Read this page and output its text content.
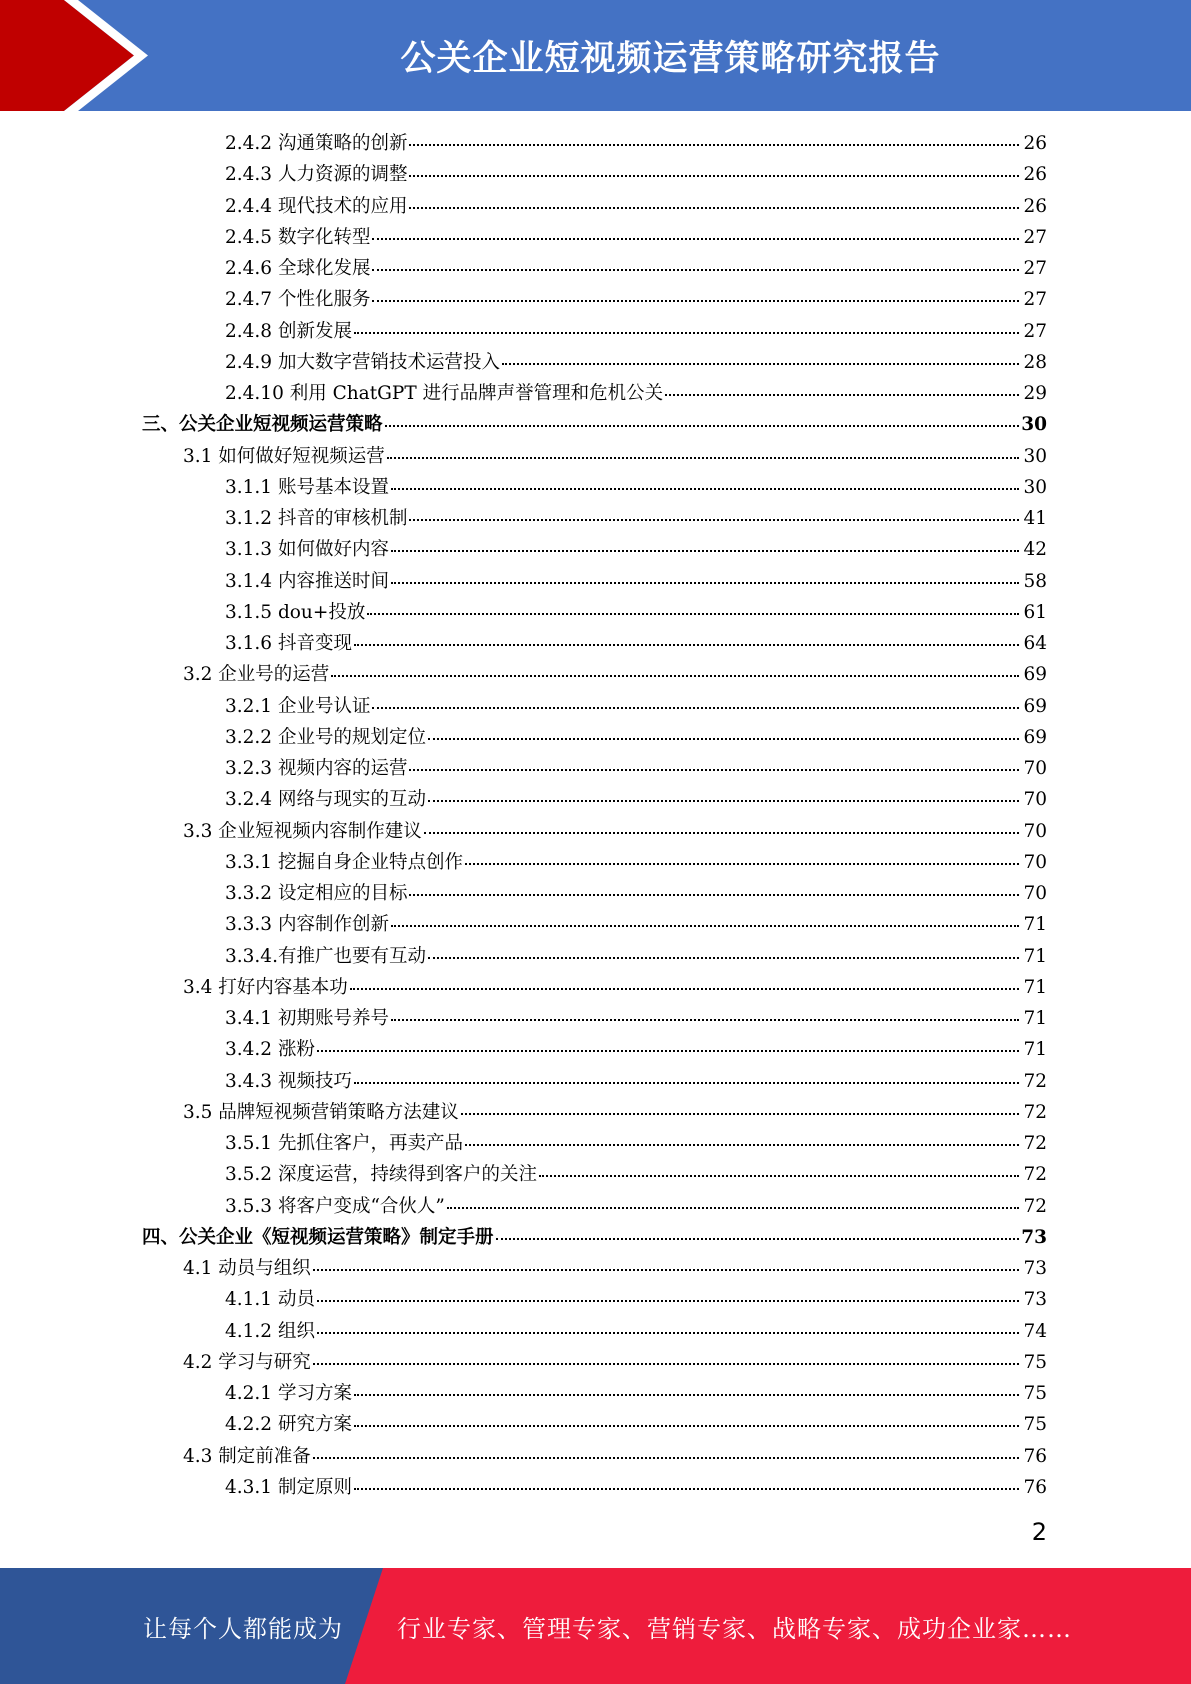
公关企业短视频运营策略研究报告
2.4.2 沟通策略的创新	26
2.4.3 人力资源的调整	26
2.4.4 现代技术的应用	26
2.4.5 数字化转型	27
2.4.6 全球化发展	27
2.4.7 个性化服务	27
2.4.8 创新发展	27
2.4.9 加大数字营销技术运营投入	28
2.4.10 利用 ChatGPT 进行品牌声誉管理和危机公关	29
三、公关企业短视频运营策略	30
3.1 如何做好短视频运营	30
3.1.1 账号基本设置	30
3.1.2 抖音的审核机制	41
3.1.3 如何做好内容	42
3.1.4 内容推送时间	58
3.1.5 dou+投放	61
3.1.6 抖音变现	64
3.2 企业号的运营	69
3.2.1 企业号认证	69
3.2.2 企业号的规划定位	69
3.2.3 视频内容的运营	70
3.2.4 网络与现实的互动	70
3.3 企业短视频内容制作建议	70
3.3.1 挖掘自身企业特点创作	70
3.3.2 设定相应的目标	70
3.3.3 内容制作创新	71
3.3.4.有推广也要有互动	71
3.4 打好内容基本功	71
3.4.1 初期账号养号	71
3.4.2 涨粉	71
3.4.3 视频技巧	72
3.5 品牌短视频营销策略方法建议	72
3.5.1 先抓住客户，再卖产品	72
3.5.2 深度运营，持续得到客户的关注	72
3.5.3 将客户变成“合伙人”	72
四、公关企业《短视频运营策略》制定手册	73
4.1 动员与组织	73
4.1.1 动员	73
4.1.2 组织	74
4.2 学习与研究	75
4.2.1 学习方案	75
4.2.2 研究方案	75
4.3 制定前准备	76
4.3.1 制定原则	76
2
让每个人都能成为 行业专家、管理专家、营销专家、战略专家、成功企业家……
